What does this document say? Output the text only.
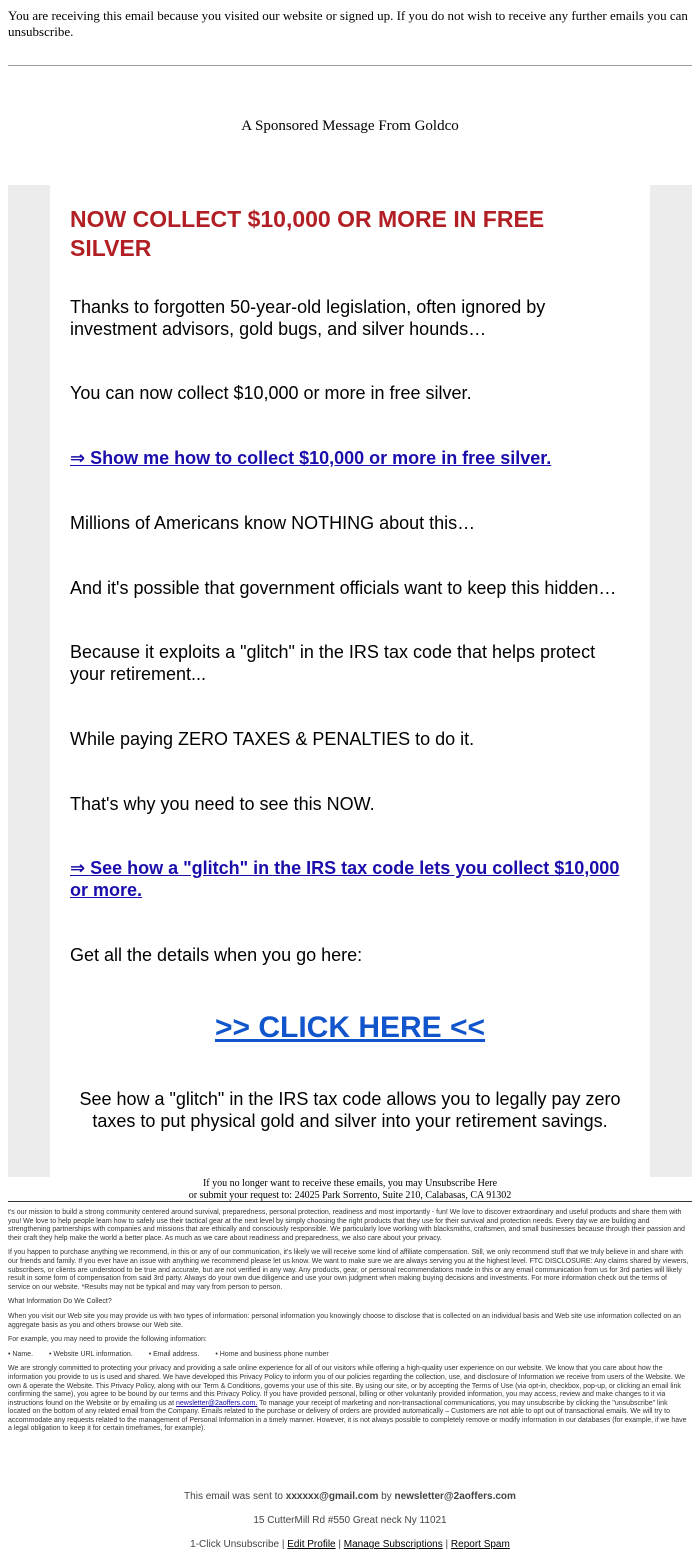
You are receiving this email because you visited our website or signed up. If you do not wish to receive any further emails you can unsubscribe.
A Sponsored Message From Goldco
NOW COLLECT $10,000 OR MORE IN FREE SILVER

Thanks to forgotten 50-year-old legislation, often ignored by investment advisors, gold bugs, and silver hounds…

You can now collect $10,000 or more in free silver.

⇒ Show me how to collect $10,000 or more in free silver.

Millions of Americans know NOTHING about this…

And it's possible that government officials want to keep this hidden…

Because it exploits a "glitch" in the IRS tax code that helps protect your retirement...

While paying ZERO TAXES & PENALTIES to do it.

That's why you need to see this NOW.

⇒ See how a "glitch" in the IRS tax code lets you collect $10,000 or more.

Get all the details when you go here:

>> CLICK HERE <<
See how a "glitch" in the IRS tax code allows you to legally pay zero taxes to put physical gold and silver into your retirement savings.
If you no longer want to receive these emails, you may Unsubscribe Here
or submit your request to: 24025 Park Sorrento, Suite 210, Calabasas, CA 91302

t's our mission to build a strong community centered around survival, preparedness, personal protection, readiness and most importantly - fun! We love to discover extraordinary and useful products and share them with you! We love to help people learn how to safely use their tactical gear at the next level by simply choosing the right products that they use for their survival and protection needs. Every day we are building and strengthening partnerships with companies and missions that are ethically and consciously responsible. We particularly love working with blacksmiths, craftsmen, and small businesses because through their passion and their craft they help make the world a better place. As much as we care about readiness and preparedness, we also care about your privacy.

If you happen to purchase anything we recommend, in this or any of our communication, it's likely we will receive some kind of affiliate compensation. Still, we only recommend stuff that we truly believe in and share with our friends and family. If you ever have an issue with anything we recommend please let us know. We want to make sure we are always serving you at the highest level. FTC DISCLOSURE: Any claims shared by viewers, subscribers, or clients are understood to be true and accurate, but are not verified in any way. Any products, gear, or personal recommendations made in this or any email communication from us for 3rd parties will likely result in some form of compensation from said 3rd party. Always do your own due diligence and use your own judgment when making buying decisions and investments. For more information check out the terms of service on our website. *Results may not be typical and may vary from person to person.

What Information Do We Collect?

When you visit our Web site you may provide us with two types of information: personal information you knowingly choose to disclose that is collected on an individual basis and Web site use information collected on an aggregate basis as you and others browse our Web site.

For example, you may need to provide the following information:

• Name. • Website URL information. • Email address. • Home and business phone number

We are strongly committed to protecting your privacy and providing a safe online experience for all of our visitors while offering a high-quality user experience on our website. We know that you care about how the information you provide to us is used and shared. We have developed this Privacy Policy to inform you of our policies regarding the collection, use, and disclosure of Information we receive from users of the Website. We own & operate the Website. This Privacy Policy, along with our Term & Conditions, governs your use of this site. By using our site, or by accepting the Terms of Use (via opt-in, checkbox, pop-up, or clicking an email link confirming the same), you agree to be bound by our terms and this Privacy Policy. If you have provided personal, billing or other voluntarily provided information, you may access, review and make changes to it via instructions found on the Website or by emailing us at newsletter@2aoffers.com. To manage your receipt of marketing and non-transactional communications, you may unsubscribe by clicking the "unsubscribe" link located on the bottom of any related email from the Company. Emails related to the purchase or delivery of orders are provided automatically – Customers are not able to opt out of transactional emails. We will try to accommodate any requests related to the management of Personal Information in a timely manner. However, it is not always possible to completely remove or modify information in our databases (for example, if we have a legal obligation to keep it for certain timeframes, for example).

This email was sent to xxxxxx@gmail.com by newsletter@2aoffers.com
15 CutterMill Rd #550 Great neck Ny 11021
1-Click Unsubscribe | Edit Profile | Manage Subscriptions | Report Spam
